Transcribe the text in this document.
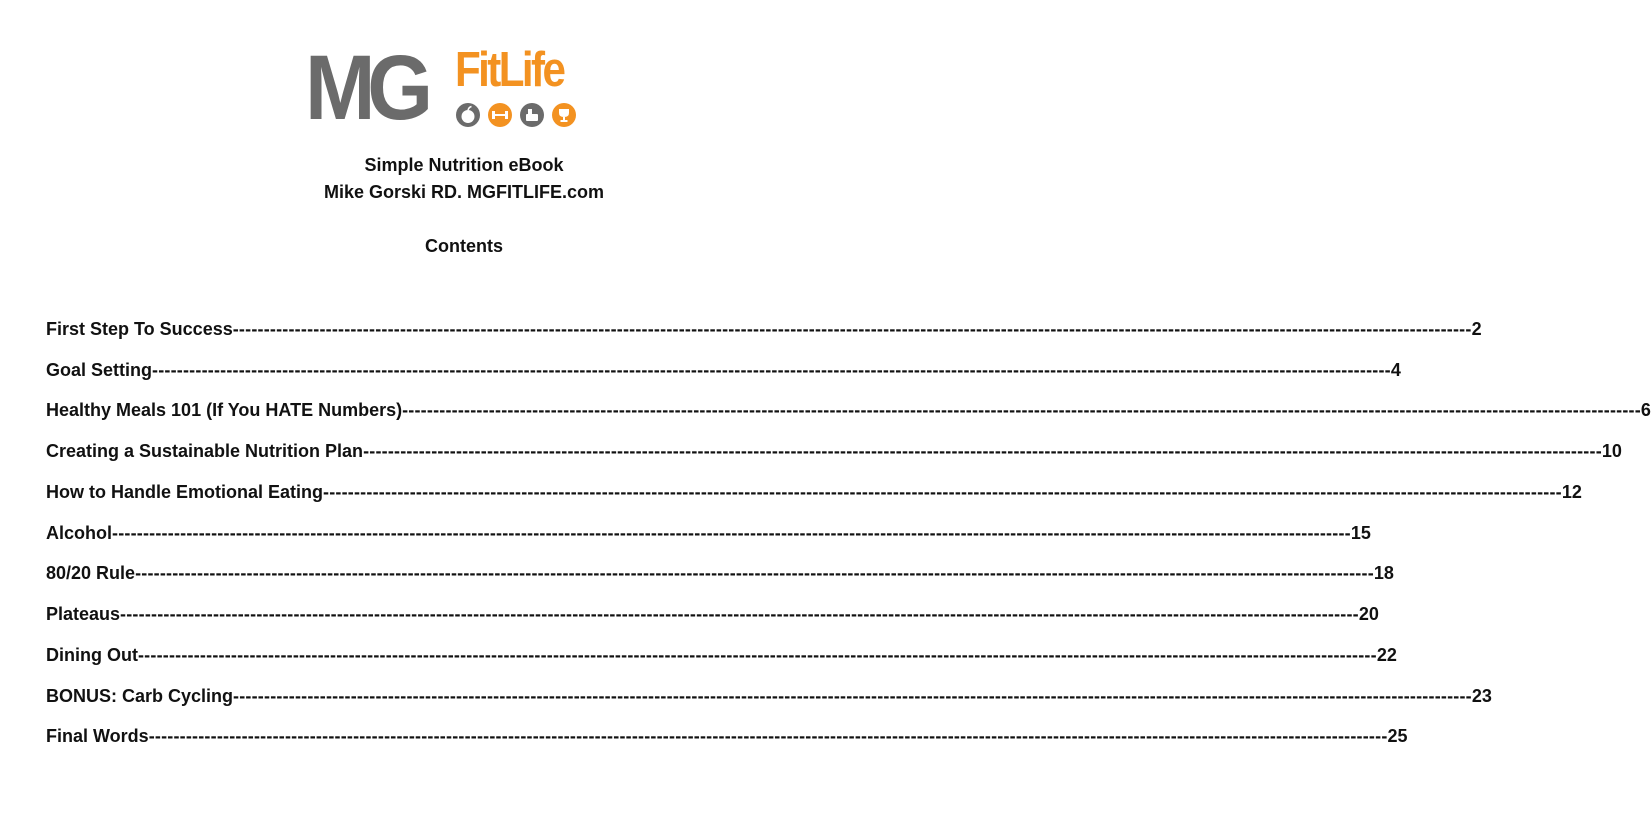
MG FitLife
Simple Nutrition eBook
Mike Gorski RD. MGFITLIFE.com
Contents
First Step To Success -------------------------------------------------------------------------------------------------------------------------------------------------------------------------------------------------------- 2
Goal Setting -------------------------------------------------------------------------------------------------------------------------------------------------------------------------------------------------------- 4
Healthy Meals 101 (If You HATE Numbers) -------------------------------------------------------------------------------------------------------------------------------------------------------------------------------------------------------- 6
Creating a Sustainable Nutrition Plan -------------------------------------------------------------------------------------------------------------------------------------------------------------------------------------------------------- 10
How to Handle Emotional Eating -------------------------------------------------------------------------------------------------------------------------------------------------------------------------------------------------------- 12
Alcohol -------------------------------------------------------------------------------------------------------------------------------------------------------------------------------------------------------- 15
80/20 Rule -------------------------------------------------------------------------------------------------------------------------------------------------------------------------------------------------------- 18
Plateaus -------------------------------------------------------------------------------------------------------------------------------------------------------------------------------------------------------- 20
Dining Out -------------------------------------------------------------------------------------------------------------------------------------------------------------------------------------------------------- 22
BONUS: Carb Cycling -------------------------------------------------------------------------------------------------------------------------------------------------------------------------------------------------------- 23
Final Words -------------------------------------------------------------------------------------------------------------------------------------------------------------------------------------------------------- 25
